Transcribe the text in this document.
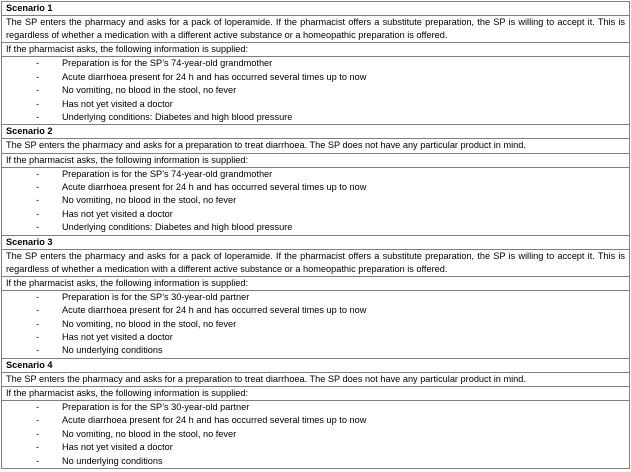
Scenario 1
The SP enters the pharmacy and asks for a pack of loperamide. If the pharmacist offers a substitute preparation, the SP is willing to accept it. This is regardless of whether a medication with a different active substance or a homeopathic preparation is offered.
If the pharmacist asks, the following information is supplied:
- Preparation is for the SP’s 74-year-old grandmother
- Acute diarrhoea present for 24 h and has occurred several times up to now
- No vomiting, no blood in the stool, no fever
- Has not yet visited a doctor
- Underlying conditions: Diabetes and high blood pressure
Scenario 2
The SP enters the pharmacy and asks for a preparation to treat diarrhoea. The SP does not have any particular product in mind.
If the pharmacist asks, the following information is supplied:
- Preparation is for the SP’s 74-year-old grandmother
- Acute diarrhoea present for 24 h and has occurred several times up to now
- No vomiting, no blood in the stool, no fever
- Has not yet visited a doctor
- Underlying conditions: Diabetes and high blood pressure
Scenario 3
The SP enters the pharmacy and asks for a pack of loperamide. If the pharmacist offers a substitute preparation, the SP is willing to accept it. This is regardless of whether a medication with a different active substance or a homeopathic preparation is offered.
If the pharmacist asks, the following information is supplied:
- Preparation is for the SP’s 30-year-old partner
- Acute diarrhoea present for 24 h and has occurred several times up to now
- No vomiting, no blood in the stool, no fever
- Has not yet visited a doctor
- No underlying conditions
Scenario 4
The SP enters the pharmacy and asks for a preparation to treat diarrhoea. The SP does not have any particular product in mind.
If the pharmacist asks, the following information is supplied:
- Preparation is for the SP’s 30-year-old partner
- Acute diarrhoea present for 24 h and has occurred several times up to now
- No vomiting, no blood in the stool, no fever
- Has not yet visited a doctor
- No underlying conditions
